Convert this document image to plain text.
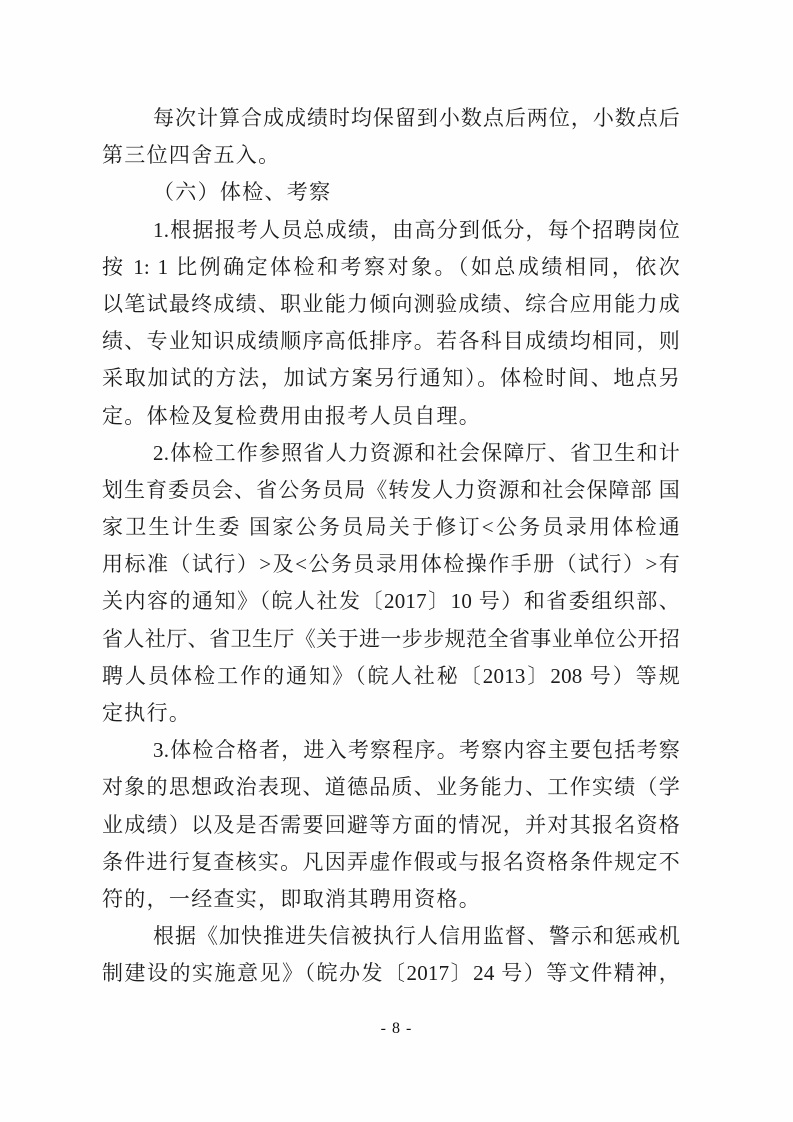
每次计算合成成绩时均保留到小数点后两位，小数点后
第三位四舍五入。
（六）体检、考察
1.根据报考人员总成绩，由高分到低分，每个招聘岗位
按 1: 1 比例确定体检和考察对象。（如总成绩相同，依次
以笔试最终成绩、职业能力倾向测验成绩、综合应用能力成
绩、专业知识成绩顺序高低排序。若各科目成绩均相同，则
采取加试的方法，加试方案另行通知）。体检时间、地点另
定。体检及复检费用由报考人员自理。
2.体检工作参照省人力资源和社会保障厅、省卫生和计
划生育委员会、省公务员局《转发人力资源和社会保障部 国
家卫生计生委 国家公务员局关于修订<公务员录用体检通
用标准（试行）>及<公务员录用体检操作手册（试行）>有
关内容的通知》（皖人社发〔2017〕10 号）和省委组织部、
省人社厅、省卫生厅《关于进一步步规范全省事业单位公开招
聘人员体检工作的通知》（皖人社秘〔2013〕208 号）等规
定执行。
3.体检合格者，进入考察程序。考察内容主要包括考察
对象的思想政治表现、道德品质、业务能力、工作实绩（学
业成绩）以及是否需要回避等方面的情况，并对其报名资格
条件进行复查核实。凡因弄虚作假或与报名资格条件规定不
符的，一经查实，即取消其聘用资格。
根据《加快推进失信被执行人信用监督、警示和惩戒机
制建设的实施意见》（皖办发〔2017〕24 号）等文件精神，
- 8 -
